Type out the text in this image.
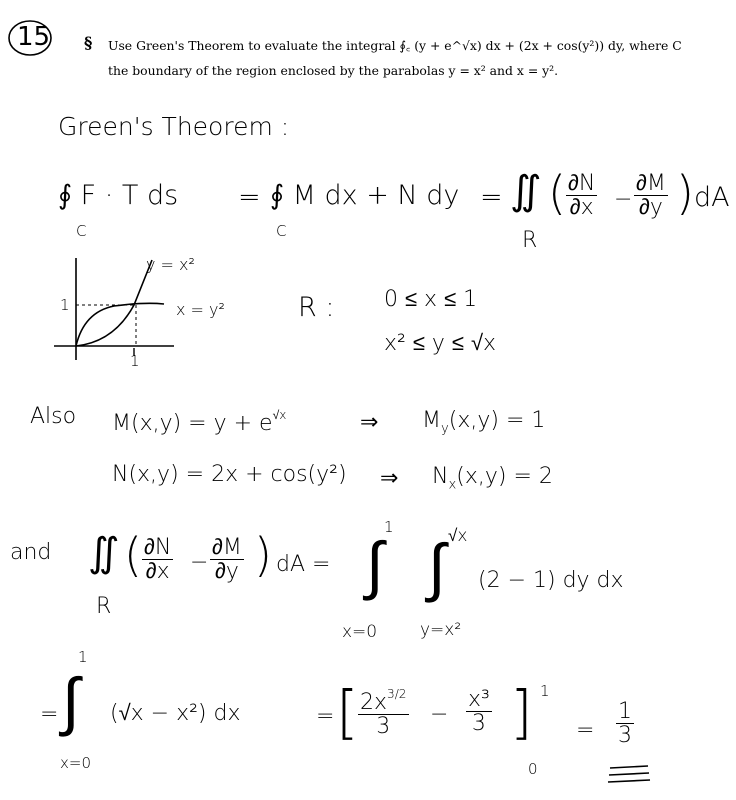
15 § Use Green's Theorem to evaluate the integral ∮꜀ (y + e^√x) dx + (2x + cos(y²)) dy, where C
the boundary of the region enclosed by the parabolas y = x² and x = y².
Green's Theorem :
∮ F · T ds
C
= ∮ M dx + N dy
C
= ∬
R
( $\frac{\partial N}{\partial x} - \frac{\partial M}{\partial y}$ ) dA
y = x²
x = y²
1
1
R : 0 ≤ x ≤ 1
x² ≤ y ≤ √x
Also $M(x,y) = y + e^{√x}$	⇒ $M_y(x,y) = 1$
N(x,y) = 2x + cos(y²) ⇒ $N_x(x,y) = 2$
and ∬
R
( $\frac{\partial N}{\partial x} - \frac{\partial M}{\partial y}$ ) dA =
1
∫
x=0
√x
∫
y=x²
(2 − 1) dy dx
=
1
∫
x=0
(√x − x²) dx	= [ $\frac{2x^{3/2}}{3} - \frac{\text{x³}}{3}$ ] 1
0
= $\frac{1}{3}$
